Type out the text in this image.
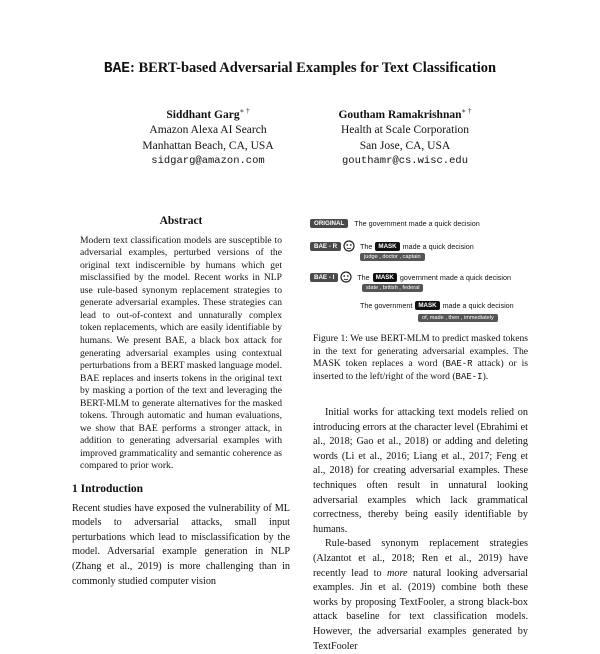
BAE: BERT-based Adversarial Examples for Text Classification
Siddhant Garg∗ †
Amazon Alexa AI Search
Manhattan Beach, CA, USA
sidgarg@amazon.com
Goutham Ramakrishnan∗ †
Health at Scale Corporation
San Jose, CA, USA
gouthamr@cs.wisc.edu
Abstract

Modern text classification models are susceptible to adversarial examples, perturbed versions of the original text indiscernible by humans which get misclassified by the model. Recent works in NLP use rule-based synonym replacement strategies to generate adversarial examples. These strategies can lead to out-of-context and unnaturally complex token replacements, which are easily identifiable by humans. We present BAE, a black box attack for generating adversarial examples using contextual perturbations from a BERT masked language model. BAE replaces and inserts tokens in the original text by masking a portion of the text and leveraging the BERT-MLM to generate alternatives for the masked tokens. Through automatic and human evaluations, we show that BAE performs a stronger attack, in addition to generating adversarial examples with improved grammaticality and semantic coherence as compared to prior work.

1 Introduction

Recent studies have exposed the vulnerability of ML models to adversarial attacks, small input perturbations which lead to misclassification by the model. Adversarial example generation in NLP (Zhang et al., 2019) is more challenging than in commonly studied computer vision

ORIGINAL	The government made a quick decision
BAE - R	The MASK made a quick decision
judge , doctor , captain
BAE - I	The MASK government made a quick decision
state , british , federal
The government MASK made a quick decision
of, made , then , immediately
Figure 1: We use BERT-MLM to predict masked tokens in the text for generating adversarial examples. The MASK token replaces a word (BAE-R attack) or is inserted to the left/right of the word (BAE-I).

Initial works for attacking text models relied on introducing errors at the character level (Ebrahimi et al., 2018; Gao et al., 2018) or adding and deleting words (Li et al., 2016; Liang et al., 2017; Feng et al., 2018) for creating adversarial examples. These techniques often result in unnatural looking adversarial examples which lack grammatical correctness, thereby being easily identifiable by humans.

Rule-based synonym replacement strategies (Alzantot et al., 2018; Ren et al., 2019) have recently lead to more natural looking adversarial examples. Jin et al. (2019) combine both these works by proposing TextFooler, a strong black-box attack baseline for text classification models. However, the adversarial examples generated by TextFooler
